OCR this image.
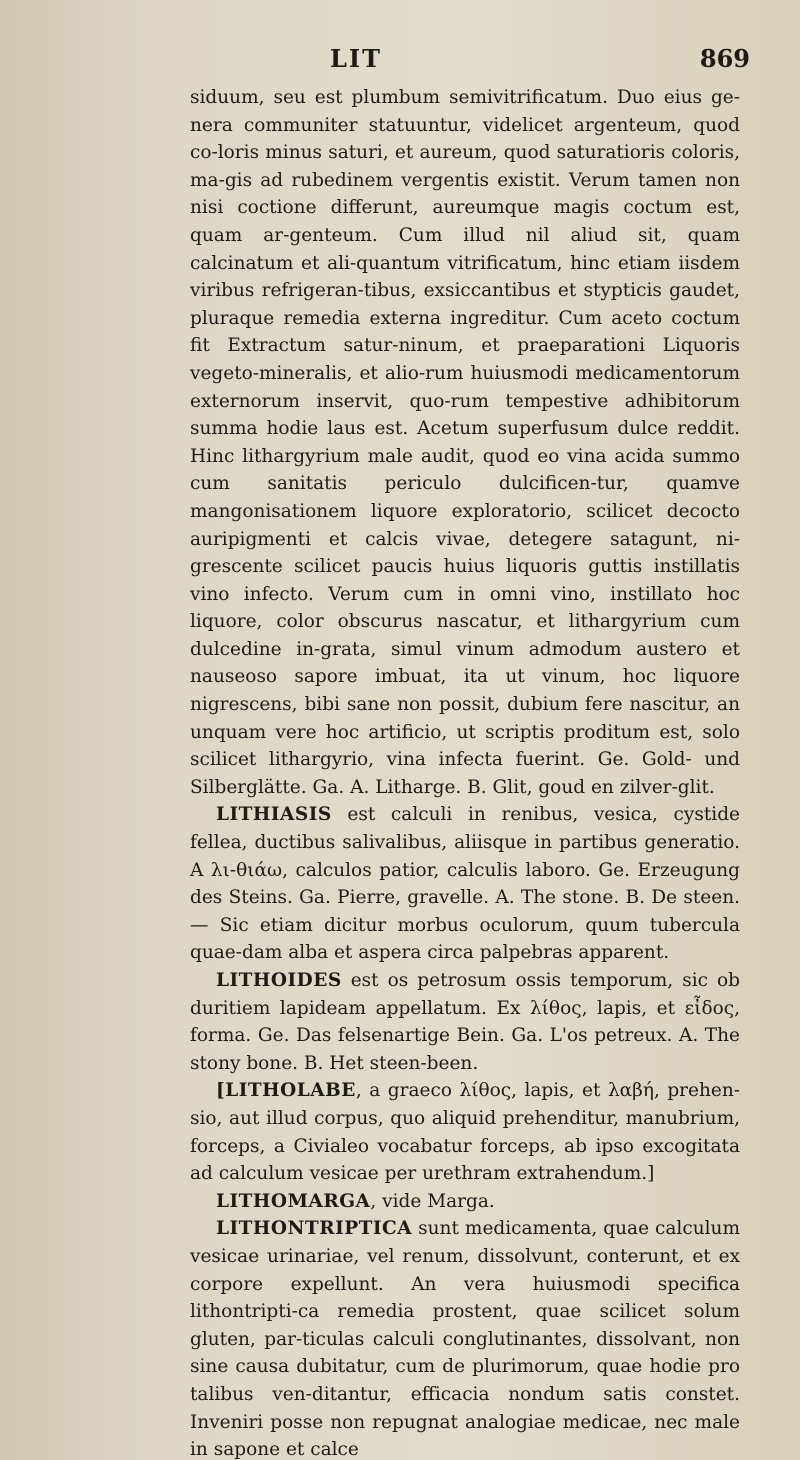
LIT	869

siduum, seu est plumbum semivitrificatum. Duo eius ge-nera communiter statuuntur, videlicet argenteum, quod co-loris minus saturi, et aureum, quod saturatioris coloris, ma-gis ad rubedinem vergentis existit. Verum tamen non nisi coctione differunt, aureumque magis coctum est, quam ar-genteum. Cum illud nil aliud sit, quam calcinatum et ali-quantum vitrificatum, hinc etiam iisdem viribus refrigeran-tibus, exsiccantibus et stypticis gaudet, pluraque remedia externa ingreditur. Cum aceto coctum fit Extractum satur-ninum, et praeparationi Liquoris vegeto-mineralis, et alio-rum huiusmodi medicamentorum externorum inservit, quo-rum tempestive adhibitorum summa hodie laus est. Acetum superfusum dulce reddit. Hinc lithargyrium male audit, quod eo vina acida summo cum sanitatis periculo dulcificen-tur, quamve mangonisationem liquore exploratorio, scilicet decocto auripigmenti et calcis vivae, detegere satagunt, ni-grescente scilicet paucis huius liquoris guttis instillatis vino infecto. Verum cum in omni vino, instillato hoc liquore, color obscurus nascatur, et lithargyrium cum dulcedine in-grata, simul vinum admodum austero et nauseoso sapore imbuat, ita ut vinum, hoc liquore nigrescens, bibi sane non possit, dubium fere nascitur, an unquam vere hoc artificio, ut scriptis proditum est, solo scilicet lithargyrio, vina infecta fuerint. Ge. Gold- und Silberglätte. Ga. A. Litharge. B. Glit, goud en zilver-glit.

LITHIASIS est calculi in renibus, vesica, cystide fellea, ductibus salivalibus, aliisque in partibus generatio. A λι-θιάω, calculos patior, calculis laboro. Ge. Erzeugung des Steins. Ga. Pierre, gravelle. A. The stone. B. De steen. — Sic etiam dicitur morbus oculorum, quum tubercula quae-dam alba et aspera circa palpebras apparent.

LITHOIDES est os petrosum ossis temporum, sic ob duritiem lapideam appellatum. Ex λίθος, lapis, et εἶδος, forma. Ge. Das felsenartige Bein. Ga. L'os petreux. A. The stony bone. B. Het steen-been.

[LITHOLABE, a graeco λίθος, lapis, et λαβή, prehen-sio, aut illud corpus, quo aliquid prehenditur, manubrium, forceps, a Civialeo vocabatur forceps, ab ipso excogitata ad calculum vesicae per urethram extrahendum.]

LITHOMARGA, vide Marga.

LITHONTRIPTICA sunt medicamenta, quae calculum vesicae urinariae, vel renum, dissolvunt, conterunt, et ex corpore expellunt. An vera huiusmodi specifica lithontripti-ca remedia prostent, quae scilicet solum gluten, par-ticulas calculi conglutinantes, dissolvant, non sine causa dubitatur, cum de plurimorum, quae hodie pro talibus ven-ditantur, efficacia nondum satis constet. Inveniri posse non repugnat analogiae medicae, nec male in sapone et calce
